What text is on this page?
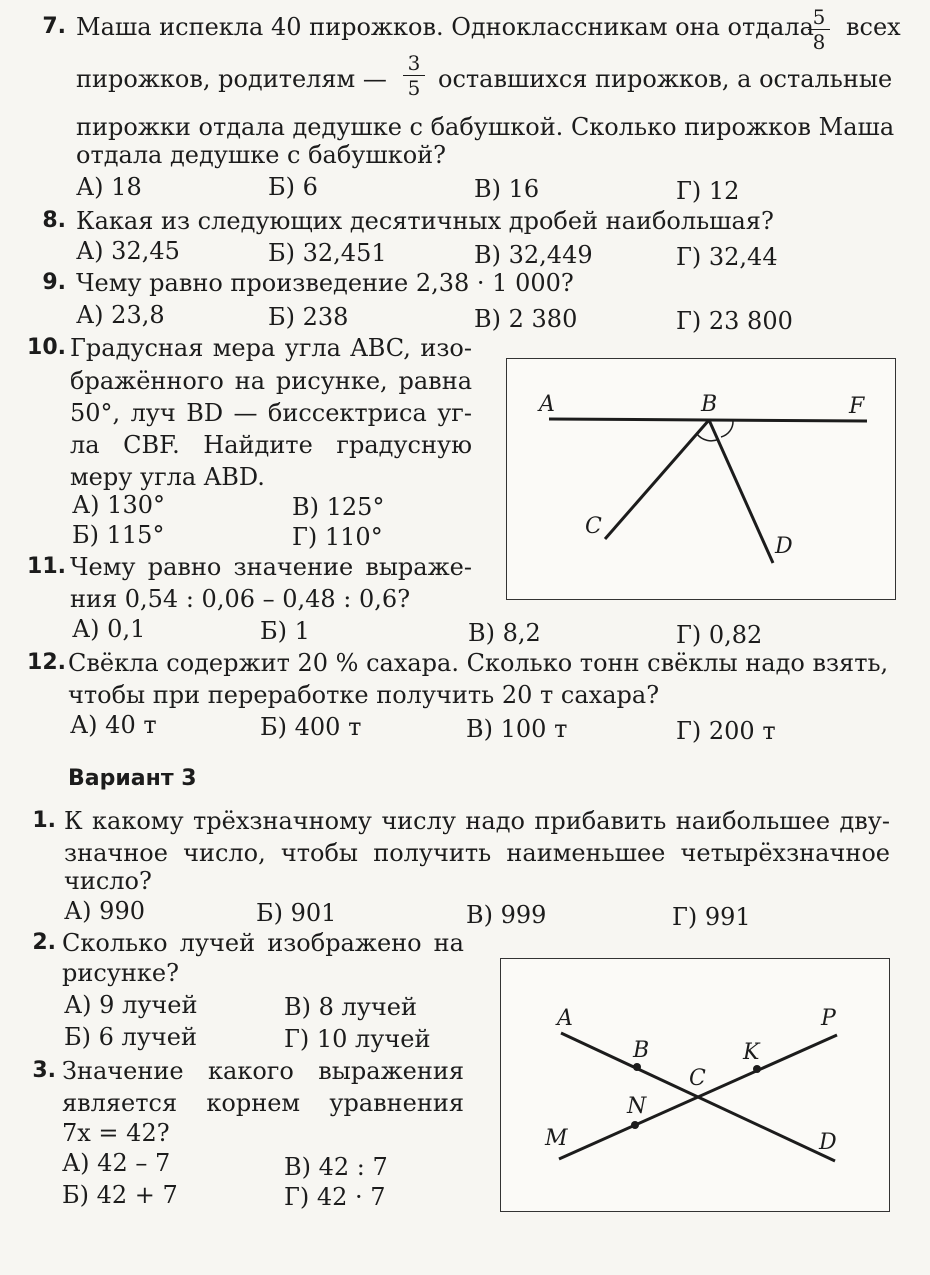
7. Маша испекла 40 пирожков. Одноклассникам она отдала
5
8
всех
пирожков, родителям —
3
5 оставшихся пирожков, а остальные
пирожки отдала дедушке с бабушкой. Сколько пирожков Маша
отдала дедушке с бабушкой?
А) 18	Б) 6	В) 16	Г) 12
8. Какая из следующих десятичных дробей наибольшая?
А) 32,45	Б) 32,451	В) 32,449	Г) 32,44
9. Чему равно произведение 2,38 · 1 000?
А) 23,8	Б) 238	В) 2 380	Г) 23 800
10. Градусная мера угла ABC, изо-
бражённого на рисунке, равна
50°, луч BD — биссектриса уг-
ла CBF. Найдите градусную
меру угла ABD.
А) 130°	В) 125°
Б) 115°	Г) 110°
A	B	F
C
D
11. Чему равно значение выраже-
ния 0,54 : 0,06 – 0,48 : 0,6?
А) 0,1	Б) 1	В) 8,2	Г) 0,82
12. Свёкла содержит 20 % сахара. Сколько тонн свёклы надо взять,
чтобы при переработке получить 20 т сахара?
А) 40 т	Б) 400 т	В) 100 т	Г) 200 т
Вариант 3
1. К какому трёхзначному числу надо прибавить наибольшее дву-
значное число, чтобы получить наименьшее четырёхзначное
число?
А) 990	Б) 901	В) 999	Г) 991
2. Сколько лучей изображено на
рисунке?
А) 9 лучей	В) 8 лучей
Б) 6 лучей	Г) 10 лучей
A
B
C
K
P
N
M	D
3. Значение какого выражения
является корнем уравнения
7x = 42?
А) 42 – 7	В) 42 : 7
Б) 42 + 7	Г) 42 · 7
